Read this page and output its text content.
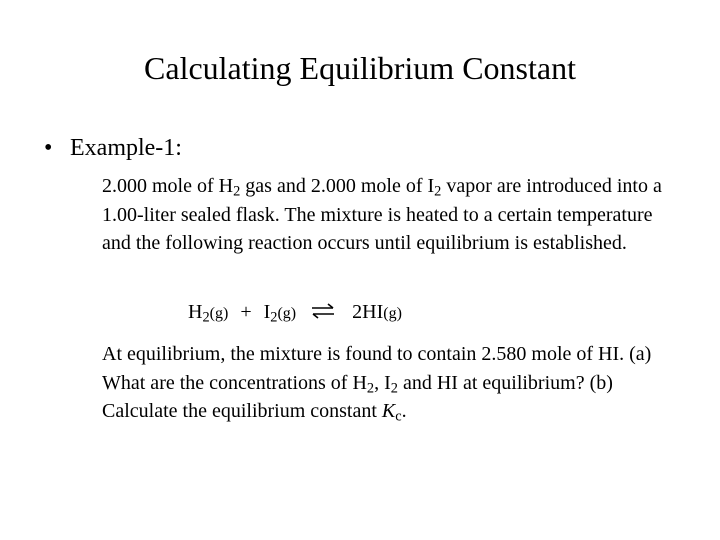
Calculating Equilibrium Constant
• Example-1:
2.000 mole of $H_2$ gas and 2.000 mole of $I_2$ vapor are introduced into a 1.00-liter sealed flask. The mixture is heated to a certain temperature and the following reaction occurs until equilibrium is established.
$H_2(g) + I_2(g)$ ⇌ 2HI(g)
At equilibrium, the mixture is found to contain 2.580 mole of HI. (a) What are the concentrations of $H_2$, $I_2$ and HI at equilibrium? (b) Calculate the equilibrium constant $K_c$.
